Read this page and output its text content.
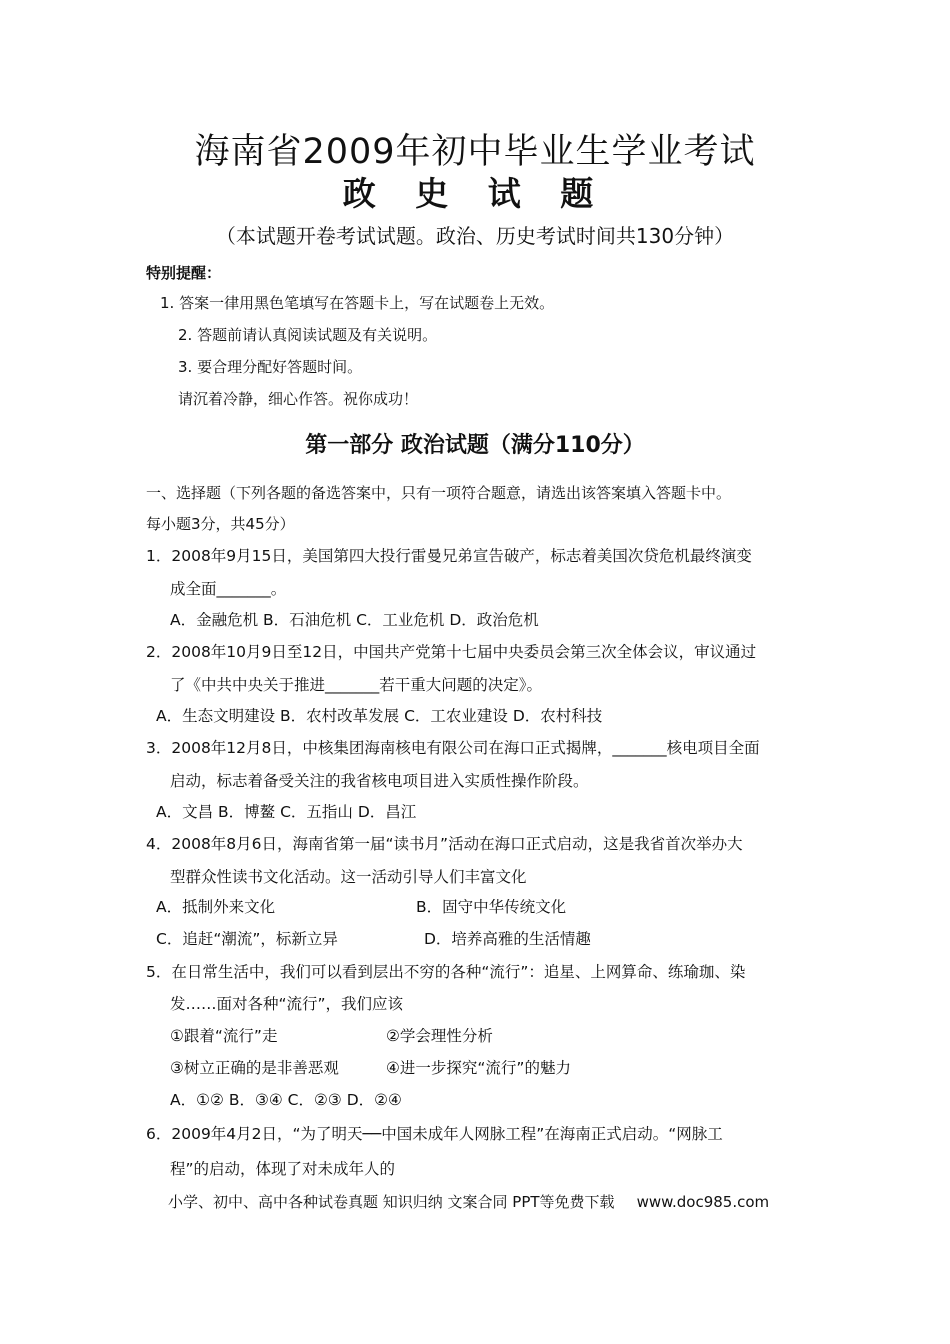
海南省2009年初中毕业生学业考试
政 史 试 题
（本试题开卷考试试题。政治、历史考试时间共130分钟）
特别提醒：
1. 答案一律用黑色笔填写在答题卡上，写在试题卷上无效。
2. 答题前请认真阅读试题及有关说明。
3. 要合理分配好答题时间。
请沉着冷静，细心作答。祝你成功！
第一部分 政治试题（满分110分）
一、选择题（下列各题的备选答案中，只有一项符合题意，请选出该答案填入答题卡中。
每小题3分，共45分）
1．2008年9月15日，美国第四大投行雷曼兄弟宣告破产，标志着美国次贷危机最终演变
成全面_______。
A．金融危机 B．石油危机 C．工业危机 D．政治危机
2．2008年10月9日至12日，中国共产党第十七届中央委员会第三次全体会议，审议通过
了《中共中央关于推进_______若干重大问题的决定》。
A．生态文明建设 B．农村改革发展 C．工农业建设 D．农村科技
3．2008年12月8日，中核集团海南核电有限公司在海口正式揭牌，_______核电项目全面
启动，标志着备受关注的我省核电项目进入实质性操作阶段。
A．文昌 B．博鳌 C．五指山 D．昌江
4．2008年8月6日，海南省第一届“读书月”活动在海口正式启动，这是我省首次举办大
型群众性读书文化活动。这一活动引导人们丰富文化
A．抵制外来文化	B．固守中华传统文化
C．追赶“潮流”，标新立异	D．培养高雅的生活情趣
5．在日常生活中，我们可以看到层出不穷的各种“流行”：追星、上网算命、练瑜珈、染
发……面对各种“流行”，我们应该
①跟着“流行”走	②学会理性分析
③树立正确的是非善恶观	④进一步探究“流行”的魅力
A．①② B．③④ C．②③ D．②④
6．2009年4月2日，“为了明天──中国未成年人网脉工程”在海南正式启动。“网脉工
程”的启动，体现了对未成年人的
小学、初中、高中各种试卷真题 知识归纳 文案合同 PPT等免费下载 www.doc985.com
